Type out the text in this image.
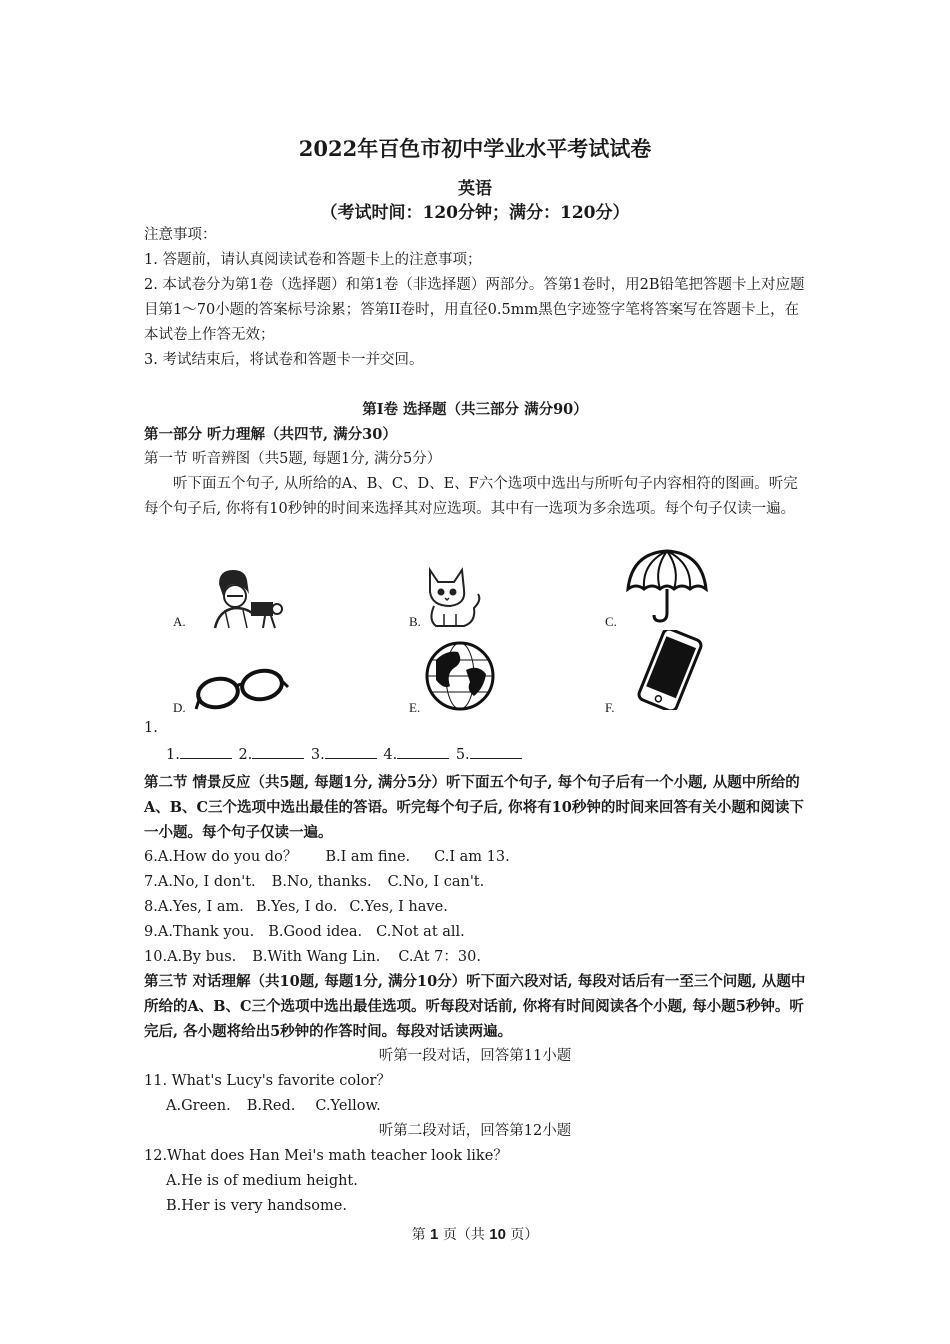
2022年百色市初中学业水平考试试卷
英语
（考试时间：120分钟；满分：120分）
注意事项：
1. 答题前，请认真阅读试卷和答题卡上的注意事项；
2. 本试卷分为第1卷（选择题）和第1卷（非选择题）两部分。答第1卷时，用2B铅笔把答题卡上对应题目第1～70小题的答案标号涂累；答第II卷时，用直径0.5mm黑色字迹签字笔将答案写在答题卡上，在本试卷上作答无效；
3. 考试结束后，将试卷和答题卡一并交回。
第I卷 选择题（共三部分 满分90）
第一部分 听力理解（共四节, 满分30）
第一节 听音辨图（共5题, 每题1分, 满分5分）
听下面五个句子, 从所给的A、B、C、D、E、F六个选项中选出与所听句子内容相符的图画。听完每个句子后, 你将有10秒钟的时间来选择其对应选项。其中有一选项为多余选项。每个句子仅读一遍。
A.	B.	C.
D.	E.	F.
1.
1.	2.	3.	4.	5.
第二节 情景反应（共5题, 每题1分, 满分5分）听下面五个句子, 每个句子后有一个小题, 从题中所给的A、B、C三个选项中选出最佳的答语。听完每个句子后, 你将有10秒钟的时间来回答有关小题和阅读下一小题。每个句子仅读一遍。
6.A.How do you do？ B.I am fine. C.I am 13.
7.A.No, I don't. B.No, thanks. C.No, I can't.
8.A.Yes, I am. B.Yes, I do. C.Yes, I have.
9.A.Thank you. B.Good idea. C.Not at all.
10.A.By bus. B.With Wang Lin. C.At 7：30.
第三节 对话理解（共10题, 每题1分, 满分10分）听下面六段对话, 每段对话后有一至三个问题, 从题中所给的A、B、C三个选项中选出最佳选项。听每段对话前, 你将有时间阅读各个小题, 每小题5秒钟。听完后, 各小题将给出5秒钟的作答时间。每段对话读两遍。
听第一段对话，回答第11小题
11. What's Lucy's favorite color？
A.Green. B.Red. C.Yellow.
听第二段对话，回答第12小题
12.What does Han Mei's math teacher look like？
A.He is of medium height.
B.Her is very handsome.
第 1 页（共 10 页）
